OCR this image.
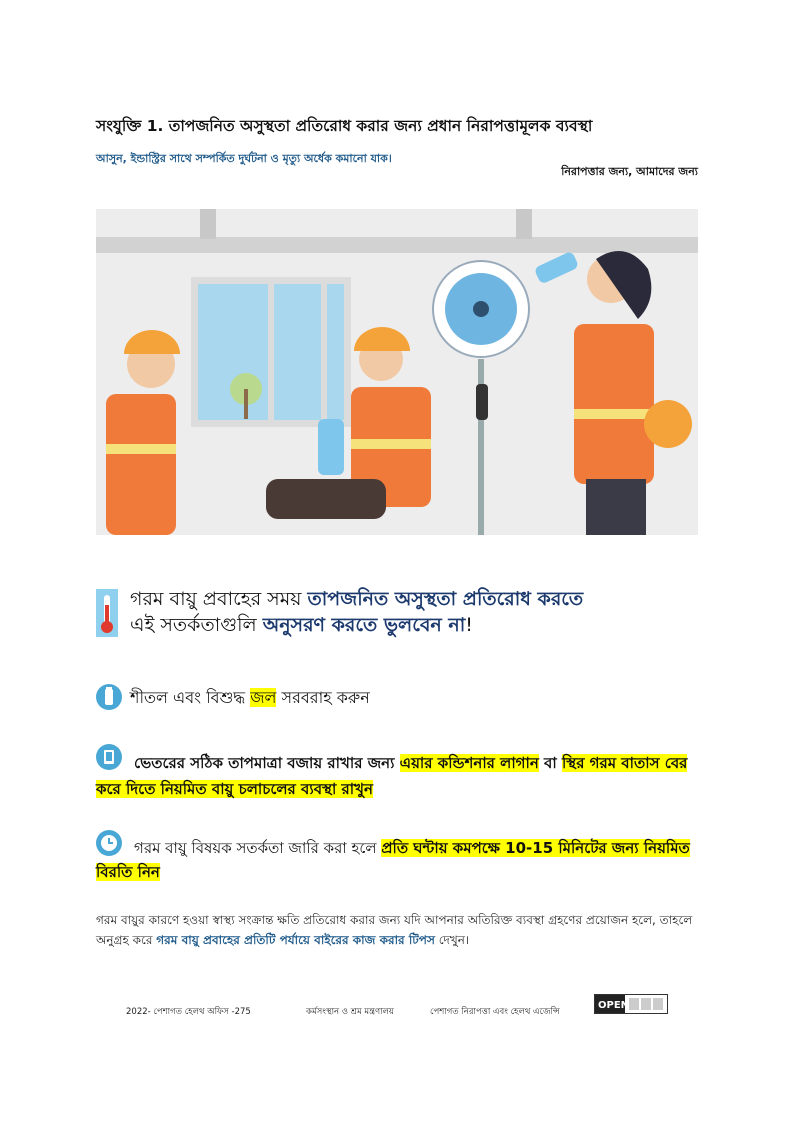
সংযুক্তি 1. তাপজনিত অসুস্থতা প্রতিরোধ করার জন্য প্রধান নিরাপত্তামূলক ব্যবস্থা
আসুন, ইন্ডাস্ট্রির সাথে সম্পর্কিত দুর্ঘটনা ও মৃত্যু অর্ধেক কমানো যাক।
নিরাপত্তার জন্য, আমাদের জন্য
গরম বায়ু প্রবাহের সময় তাপজনিত অসুস্থতা প্রতিরোধ করতে
এই সতর্কতাগুলি অনুসরণ করতে ভুলবেন না!
শীতল এবং বিশুদ্ধ জল সরবরাহ করুন
ভেতরের সঠিক তাপমাত্রা বজায় রাখার জন্য এয়ার কন্ডিশনার লাগান বা স্থির গরম বাতাস বের করে দিতে নিয়মিত বায়ু চলাচলের ব্যবস্থা রাখুন
গরম বায়ু বিষয়ক সতর্কতা জারি করা হলে প্রতি ঘন্টায় কমপক্ষে 10-15 মিনিটের জন্য নিয়মিত বিরতি নিন
গরম বায়ুর কারণে হওয়া স্বাস্থ্য সংক্রান্ত ক্ষতি প্রতিরোধ করার জন্য যদি আপনার অতিরিক্ত ব্যবস্থা গ্রহণের প্রয়োজন হলে, তাহলে অনুগ্রহ করে গরম বায়ু প্রবাহের প্রতিটি পর্যায়ে বাইরের কাজ করার টিপস দেখুন।
2022- পেশাগত হেলথ অফিস -275	কর্মসংস্থান ও শ্রম মন্ত্রণালয়	পেশাগত নিরাপত্তা এবং হেলথ এজেন্সি
OPEN
